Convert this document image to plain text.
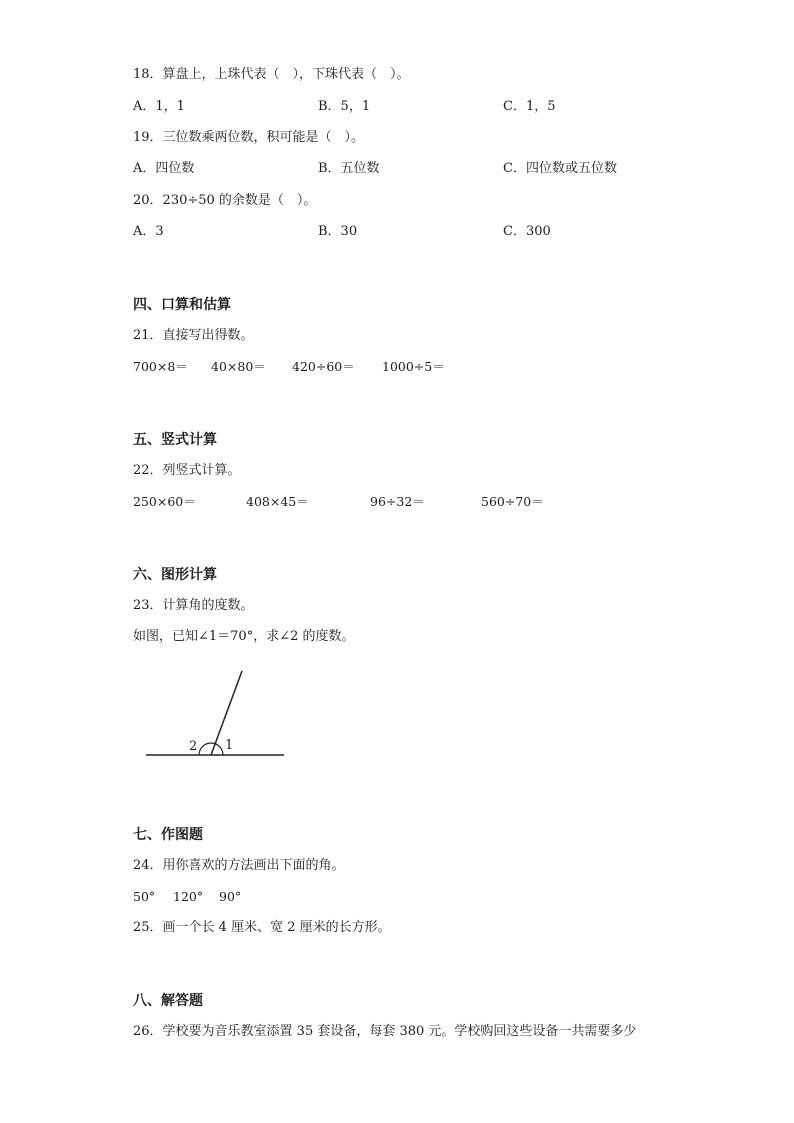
18．算盘上，上珠代表（　），下珠代表（　）。
A．1，1	B．5，1	C．1，5
19．三位数乘两位数，积可能是（　）。
A．四位数	B．五位数	C．四位数或五位数
20．230÷50 的余数是（　）。
A．3	B．30	C．300
四、口算和估算
21．直接写出得数。
700×8＝ 40×80＝ 420÷60＝ 1000÷5＝
五、竖式计算
22．列竖式计算。
250×60＝	408×45＝	96÷32＝	560÷70＝
六、图形计算
23．计算角的度数。
如图，已知∠1＝70°，求∠2 的度数。
2 1
七、作图题
24．用你喜欢的方法画出下面的角。
50° 120° 90°
25．画一个长 4 厘米、宽 2 厘米的长方形。
八、解答题
26．学校要为音乐教室添置 35 套设备，每套 380 元。学校购回这些设备一共需要多少
